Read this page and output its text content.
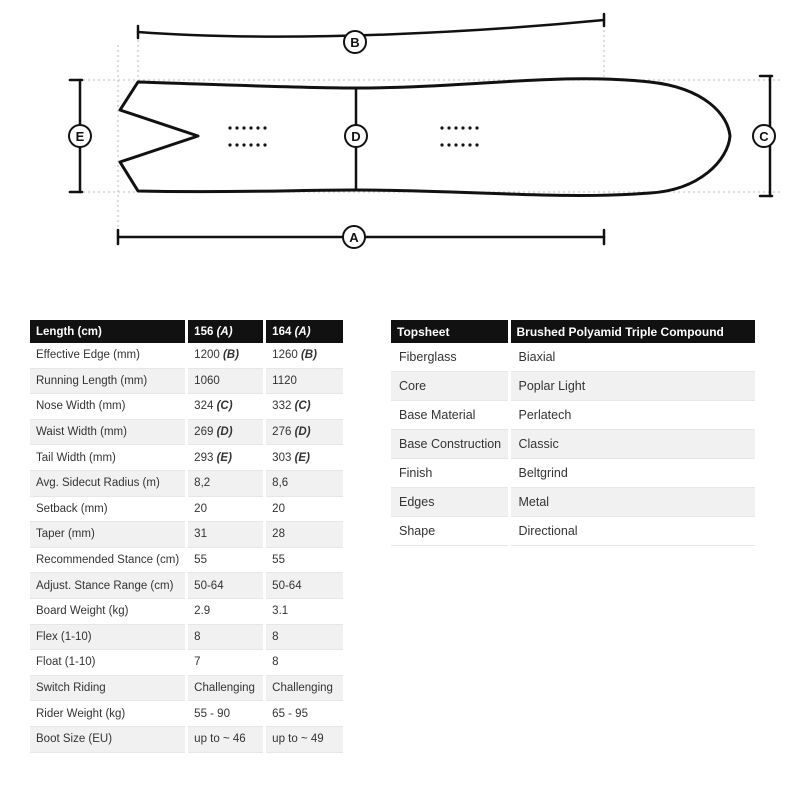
B
A
E	D	C
Length (cm)	156 (A)	164 (A)
Effective Edge (mm)	1200 (B)	1260 (B)
Running Length (mm)	1060	1120
Nose Width (mm)	324 (C)	332 (C)
Waist Width (mm)	269 (D)	276 (D)
Tail Width (mm)	293 (E)	303 (E)
Avg. Sidecut Radius (m)	8,2	8,6
Setback (mm)	20	20
Taper (mm)	31	28
Recommended Stance (cm)	55	55
Adjust. Stance Range (cm)	50-64	50-64
Board Weight (kg)	2.9	3.1
Flex (1-10)	8	8
Float (1-10)	7	8
Switch Riding	Challenging	Challenging
Rider Weight (kg)	55 - 90	65 - 95
Boot Size (EU)	up to ~ 46	up to ~ 49
Topsheet	Brushed Polyamid Triple Compound
Fiberglass	Biaxial
Core	Poplar Light
Base Material	Perlatech
Base Construction	Classic
Finish	Beltgrind
Edges	Metal
Shape	Directional
